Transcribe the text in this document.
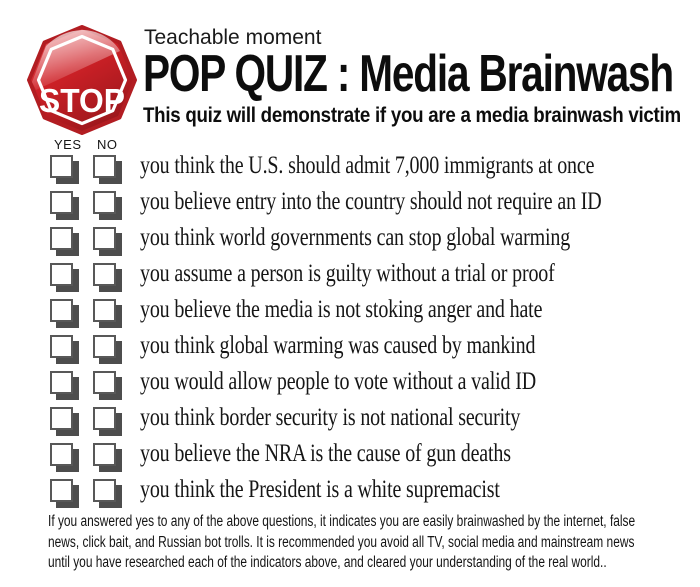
STOP
Teachable moment
POP QUIZ : Media Brainwash
This quiz will demonstrate if you are a media brainwash victim
YES NO
you think the U.S. should admit 7,000 immigrants at once
you believe entry into the country should not require an ID
you think world governments can stop global warming
you assume a person is guilty without a trial or proof
you believe the media is not stoking anger and hate
you think global warming was caused by mankind
you would allow people to vote without a valid ID
you think border security is not national security
you believe the NRA is the cause of gun deaths
you think the President is a white supremacist
If you answered yes to any of the above questions, it indicates you are easily brainwashed by the internet, false
news, click bait, and Russian bot trolls. It is recommended you avoid all TV, social media and mainstream news
until you have researched each of the indicators above, and cleared your understanding of the real world..
